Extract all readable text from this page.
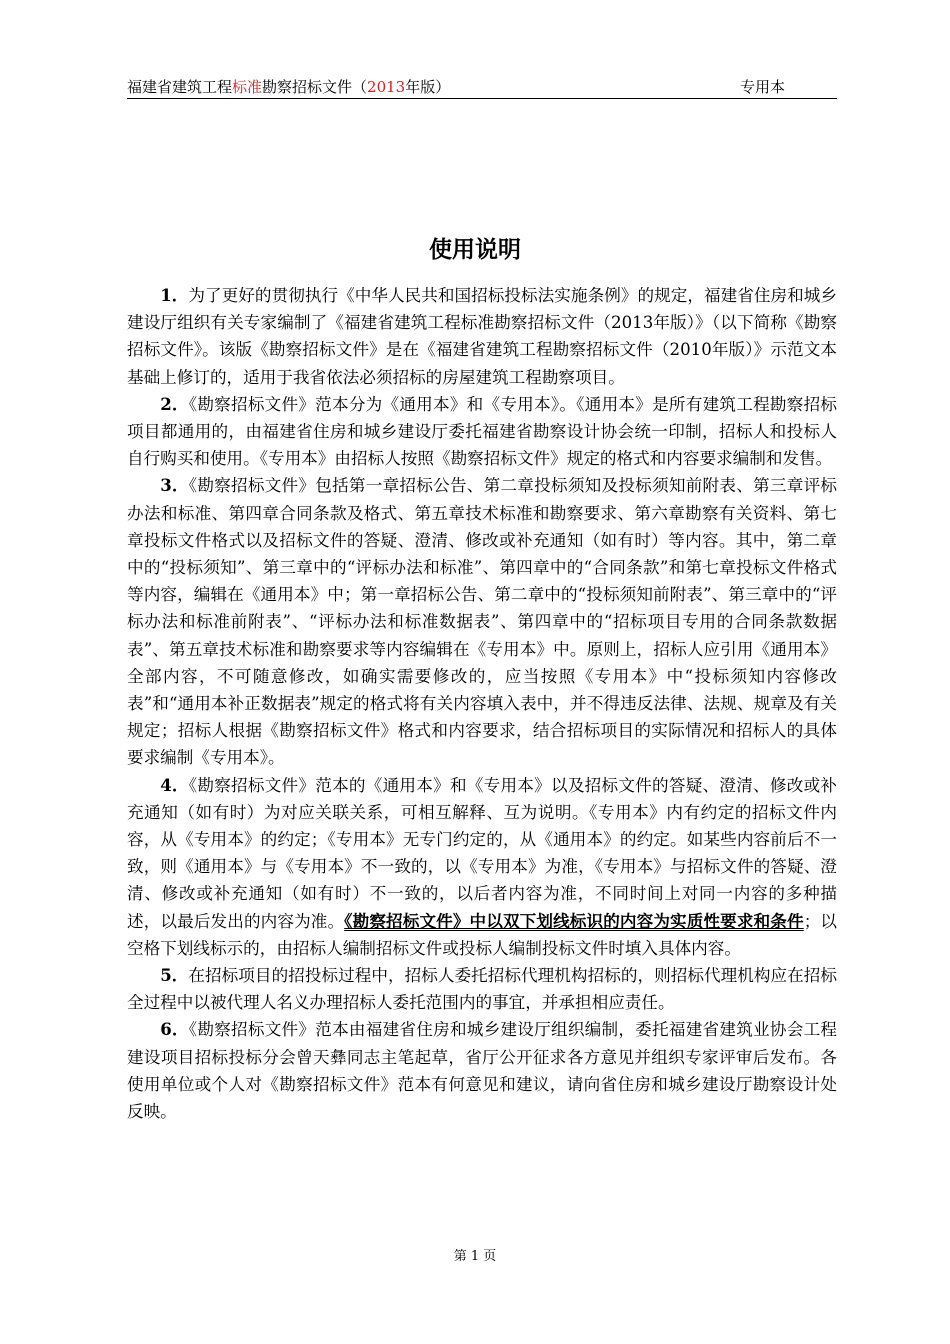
福建省建筑工程标准勘察招标文件（2013年版）	专用本
使用说明

1．为了更好的贯彻执行《中华人民共和国招标投标法实施条例》的规定，福建省住房和城乡建设厅组织有关专家编制了《福建省建筑工程标准勘察招标文件（2013年版）》（以下简称《勘察招标文件》。该版《勘察招标文件》是在《福建省建筑工程勘察招标文件（2010年版）》示范文本基础上修订的，适用于我省依法必须招标的房屋建筑工程勘察项目。

2．《勘察招标文件》范本分为《通用本》和《专用本》。《通用本》是所有建筑工程勘察招标项目都通用的，由福建省住房和城乡建设厅委托福建省勘察设计协会统一印制，招标人和投标人自行购买和使用。《专用本》由招标人按照《勘察招标文件》规定的格式和内容要求编制和发售。

3．《勘察招标文件》包括第一章招标公告、第二章投标须知及投标须知前附表、第三章评标办法和标准、第四章合同条款及格式、第五章技术标准和勘察要求、第六章勘察有关资料、第七章投标文件格式以及招标文件的答疑、澄清、修改或补充通知（如有时）等内容。其中，第二章中的“投标须知”、第三章中的“评标办法和标准”、第四章中的“合同条款”和第七章投标文件格式等内容，编辑在《通用本》中；第一章招标公告、第二章中的“投标须知前附表”、第三章中的“评标办法和标准前附表”、“评标办法和标准数据表”、第四章中的“招标项目专用的合同条款数据表”、第五章技术标准和勘察要求等内容编辑在《专用本》中。原则上，招标人应引用《通用本》全部内容，不可随意修改，如确实需要修改的，应当按照《专用本》中“投标须知内容修改表”和“通用本补正数据表”规定的格式将有关内容填入表中，并不得违反法律、法规、规章及有关规定；招标人根据《勘察招标文件》格式和内容要求，结合招标项目的实际情况和招标人的具体要求编制《专用本》。

4．《勘察招标文件》范本的《通用本》和《专用本》以及招标文件的答疑、澄清、修改或补充通知（如有时）为对应关联关系，可相互解释、互为说明。《专用本》内有约定的招标文件内容，从《专用本》的约定；《专用本》无专门约定的，从《通用本》的约定。如某些内容前后不一致，则《通用本》与《专用本》不一致的，以《专用本》为准，《专用本》与招标文件的答疑、澄清、修改或补充通知（如有时）不一致的，以后者内容为准，不同时间上对同一内容的多种描述，以最后发出的内容为准。《勘察招标文件》中以双下划线标识的内容为实质性要求和条件；以空格下划线标示的，由招标人编制招标文件或投标人编制投标文件时填入具体内容。

5．在招标项目的招投标过程中，招标人委托招标代理机构招标的，则招标代理机构应在招标全过程中以被代理人名义办理招标人委托范围内的事宜，并承担相应责任。

6．《勘察招标文件》范本由福建省住房和城乡建设厅组织编制，委托福建省建筑业协会工程建设项目招标投标分会曾天彝同志主笔起草，省厅公开征求各方意见并组织专家评审后发布。各使用单位或个人对《勘察招标文件》范本有何意见和建议，请向省住房和城乡建设厅勘察设计处反映。

第 1 页
